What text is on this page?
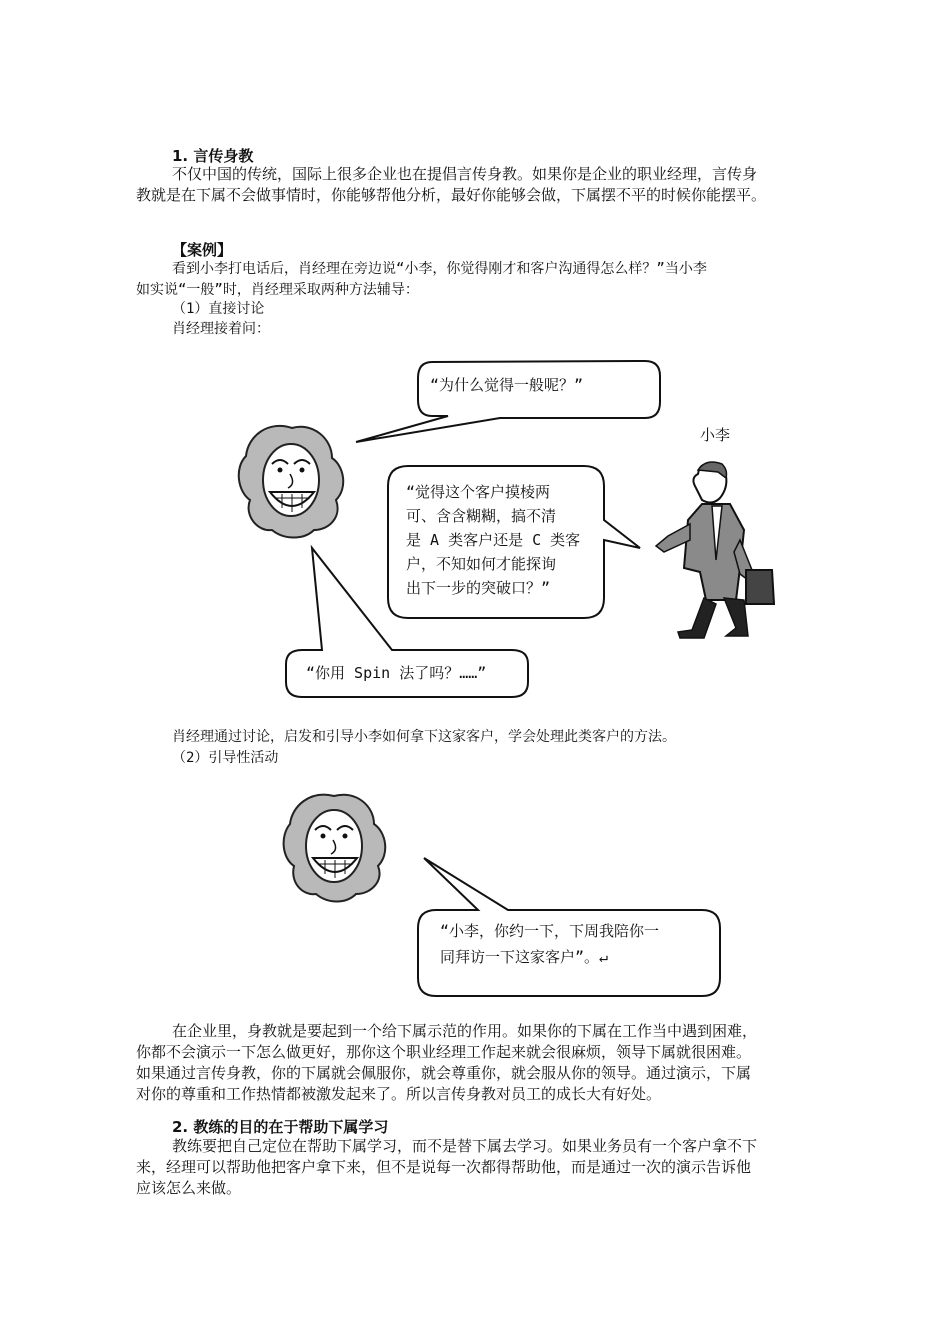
1. 言传身教
不仅中国的传统，国际上很多企业也在提倡言传身教。如果你是企业的职业经理，言传身
教就是在下属不会做事情时，你能够帮他分析，最好你能够会做，下属摆不平的时候你能摆平。
【案例】
看到小李打电话后，肖经理在旁边说“小李，你觉得刚才和客户沟通得怎么样？”当小李
如实说“一般”时，肖经理采取两种方法辅导：
（1）直接讨论
肖经理接着问：
“为什么觉得一般呢？”
小李
“觉得这个客户摸棱两
可、含含糊糊，搞不清
是 A 类客户还是 C 类客
户，不知如何才能探询
出下一步的突破口？”
“你用 Spin 法了吗？……”
肖经理通过讨论，启发和引导小李如何拿下这家客户，学会处理此类客户的方法。
（2）引导性活动
“小李，你约一下，下周我陪你一
同拜访一下这家客户”。↵
在企业里，身教就是要起到一个给下属示范的作用。如果你的下属在工作当中遇到困难，
你都不会演示一下怎么做更好，那你这个职业经理工作起来就会很麻烦，领导下属就很困难。
如果通过言传身教，你的下属就会佩服你，就会尊重你，就会服从你的领导。通过演示，下属
对你的尊重和工作热情都被激发起来了。所以言传身教对员工的成长大有好处。
2. 教练的目的在于帮助下属学习
教练要把自己定位在帮助下属学习，而不是替下属去学习。如果业务员有一个客户拿不下
来，经理可以帮助他把客户拿下来，但不是说每一次都得帮助他，而是通过一次的演示告诉他
应该怎么来做。
